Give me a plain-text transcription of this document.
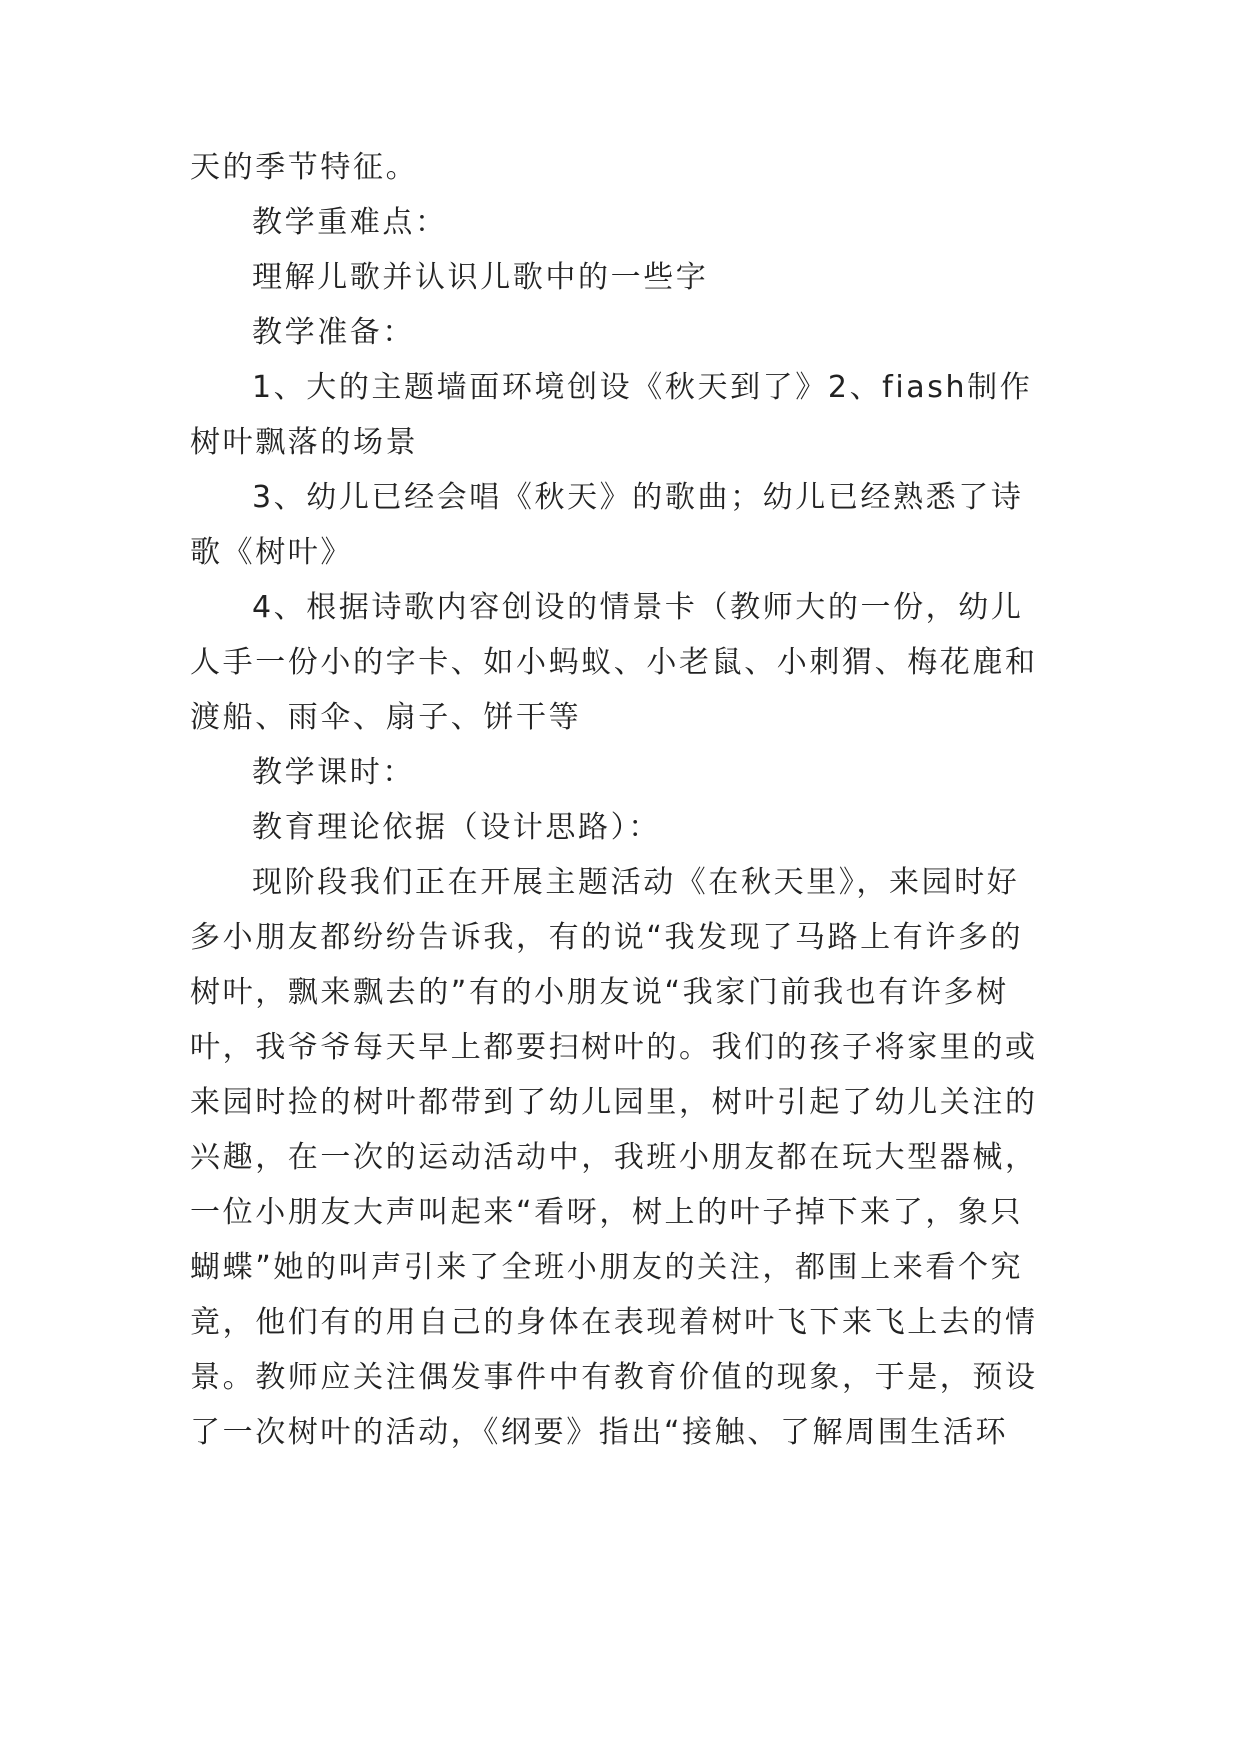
天的季节特征。
教学重难点：
理解儿歌并认识儿歌中的一些字
教学准备：
1、大的主题墙面环境创设《秋天到了》2、fiash制作
树叶飘落的场景
3、幼儿已经会唱《秋天》的歌曲；幼儿已经熟悉了诗
歌《树叶》
4、根据诗歌内容创设的情景卡（教师大的一份，幼儿
人手一份小的字卡、如小蚂蚁、小老鼠、小刺猬、梅花鹿和
渡船、雨伞、扇子、饼干等
教学课时：
教育理论依据（设计思路）：
现阶段我们正在开展主题活动《在秋天里》，来园时好
多小朋友都纷纷告诉我，有的说“我发现了马路上有许多的
树叶，飘来飘去的”有的小朋友说“我家门前我也有许多树
叶，我爷爷每天早上都要扫树叶的。我们的孩子将家里的或
来园时捡的树叶都带到了幼儿园里，树叶引起了幼儿关注的
兴趣，在一次的运动活动中，我班小朋友都在玩大型器械，
一位小朋友大声叫起来“看呀，树上的叶子掉下来了，象只
蝴蝶”她的叫声引来了全班小朋友的关注，都围上来看个究
竟，他们有的用自己的身体在表现着树叶飞下来飞上去的情
景。教师应关注偶发事件中有教育价值的现象，于是，预设
了一次树叶的活动，《纲要》指出“接触、了解周围生活环
